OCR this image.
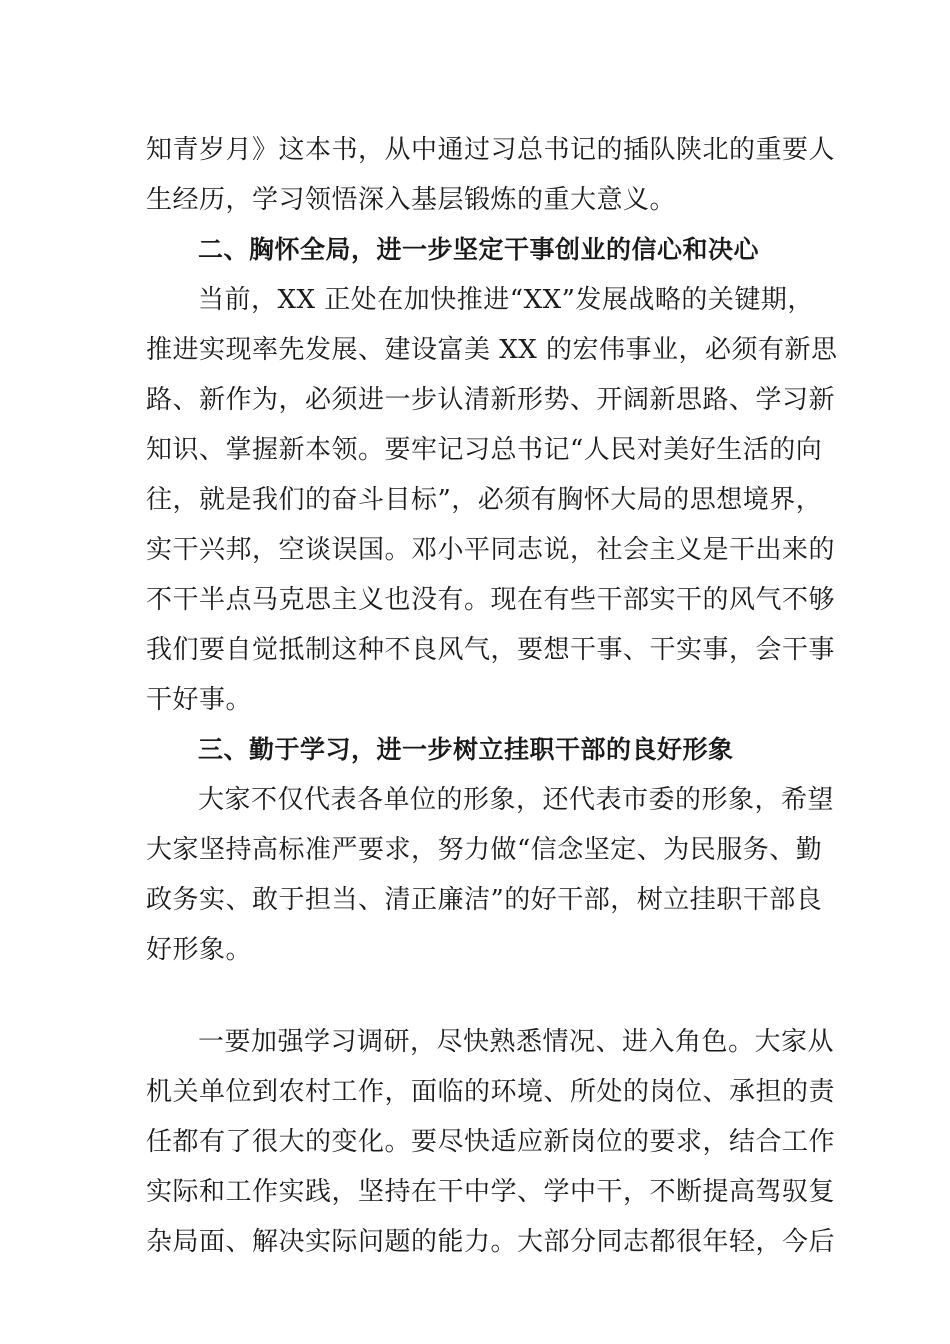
知青岁月》这本书，从中通过习总书记的插队陕北的重要人
生经历，学习领悟深入基层锻炼的重大意义。
二、胸怀全局，进一步坚定干事创业的信心和决心
当前，XX 正处在加快推进“XX”发展战略的关键期，
推进实现率先发展、建设富美 XX 的宏伟事业，必须有新思
路、新作为，必须进一步认清新形势、开阔新思路、学习新
知识、掌握新本领。要牢记习总书记“人民对美好生活的向
往，就是我们的奋斗目标”，必须有胸怀大局的思想境界，
实干兴邦，空谈误国。邓小平同志说，社会主义是干出来的
不干半点马克思主义也没有。现在有些干部实干的风气不够
我们要自觉抵制这种不良风气，要想干事、干实事，会干事
干好事。
三、勤于学习，进一步树立挂职干部的良好形象
大家不仅代表各单位的形象，还代表市委的形象，希望
大家坚持高标准严要求，努力做“信念坚定、为民服务、勤
政务实、敢于担当、清正廉洁”的好干部，树立挂职干部良
好形象。
一要加强学习调研，尽快熟悉情况、进入角色。大家从
机关单位到农村工作，面临的环境、所处的岗位、承担的责
任都有了很大的变化。要尽快适应新岗位的要求，结合工作
实际和工作实践，坚持在干中学、学中干，不断提高驾驭复
杂局面、解决实际问题的能力。大部分同志都很年轻，今后
